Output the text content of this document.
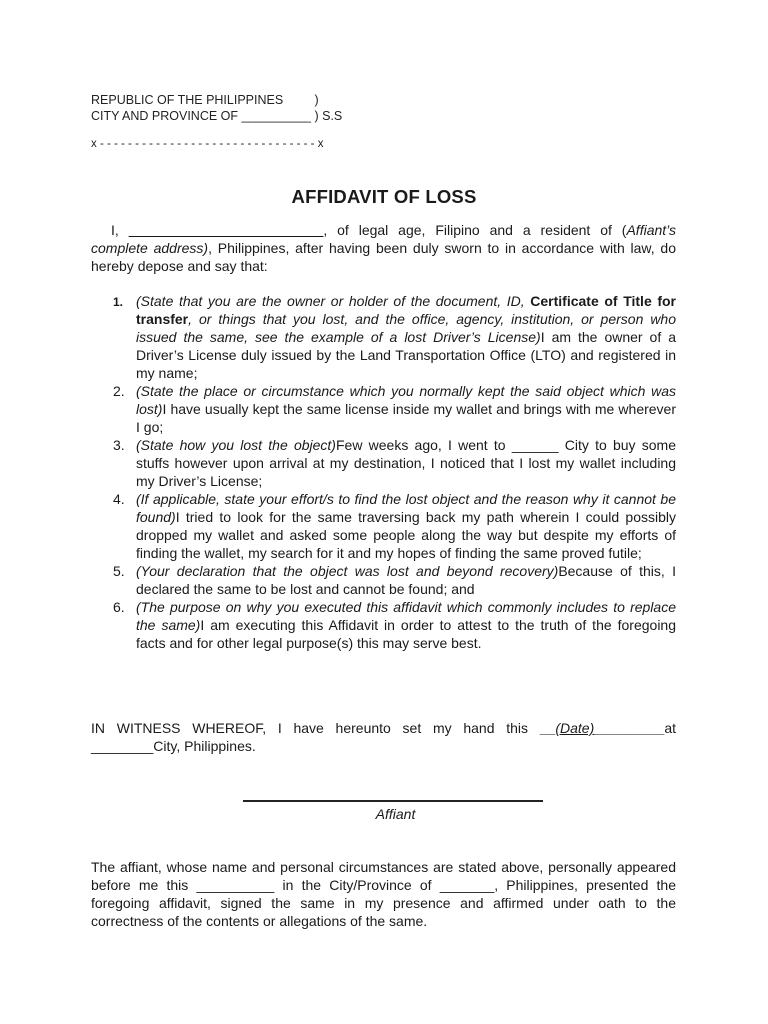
REPUBLIC OF THE PHILIPPINES         )
CITY AND PROVINCE OF __________ ) S.S
x - - - - - - - - - - - - - - - - - - - - - - - - - - - - - - - x
AFFIDAVIT OF LOSS
I, _________________________, of legal age, Filipino and a resident of (Affiant’s complete address), Philippines, after having been duly sworn to in accordance with law, do hereby depose and say that:
1. (State that you are the owner or holder of the document, ID, Certificate of Title for transfer, or things that you lost, and the office, agency, institution, or person who issued the same, see the example of a lost Driver’s License)I am the owner of a Driver’s License duly issued by the Land Transportation Office (LTO) and registered in my name;
2. (State the place or circumstance which you normally kept the said object which was lost)I have usually kept the same license inside my wallet and brings with me wherever I go;
3. (State how you lost the object)Few weeks ago, I went to ______ City to buy some stuffs however upon arrival at my destination, I noticed that I lost my wallet including my Driver’s License;
4. (If applicable, state your effort/s to find the lost object and the reason why it cannot be found)I tried to look for the same traversing back my path wherein I could possibly dropped my wallet and asked some people along the way but despite my efforts of finding the wallet, my search for it and my hopes of finding the same proved futile;
5. (Your declaration that the object was lost and beyond recovery)Because of this, I declared the same to be lost and cannot be found; and
6. (The purpose on why you executed this affidavit which commonly includes to replace the same)I am executing this Affidavit in order to attest to the truth of the foregoing facts and for other legal purpose(s) this may serve best.
IN WITNESS WHEREOF, I have hereunto set my hand this __(Date)_________at ________City, Philippines.
Affiant
The affiant, whose name and personal circumstances are stated above, personally appeared before me this __________ in the City/Province of _______, Philippines, presented the foregoing affidavit, signed the same in my presence and affirmed under oath to the correctness of the contents or allegations of the same.
